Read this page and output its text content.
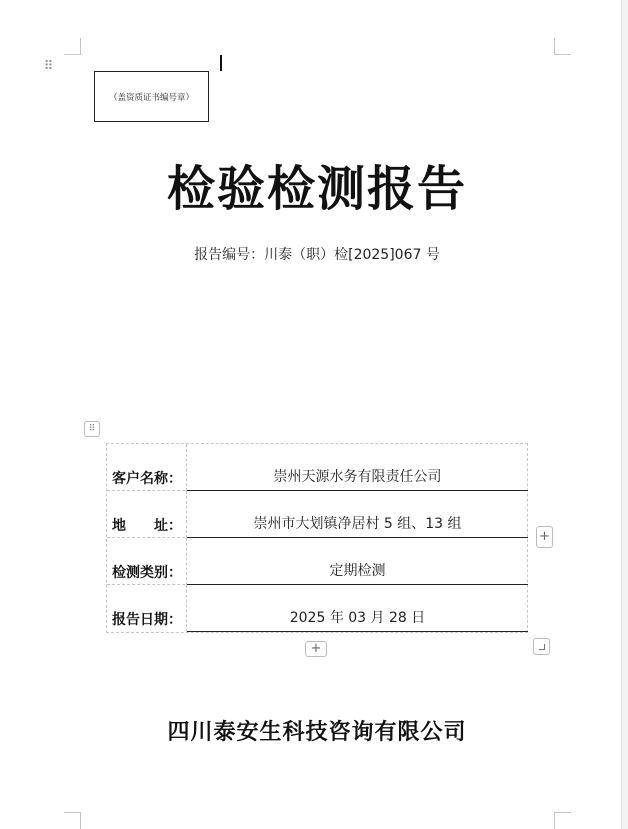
⠿
（盖资质证书编号章）
检验检测报告
报告编号：川泰（职）检[2025]067 号
⠿
客户名称：	崇州天源水务有限责任公司
地　　址：	崇州市大划镇净居村 5 组、13 组
检测类别：	定期检测
报告日期：	2025 年 03 月 28 日
+
+
四川泰安生科技咨询有限公司
